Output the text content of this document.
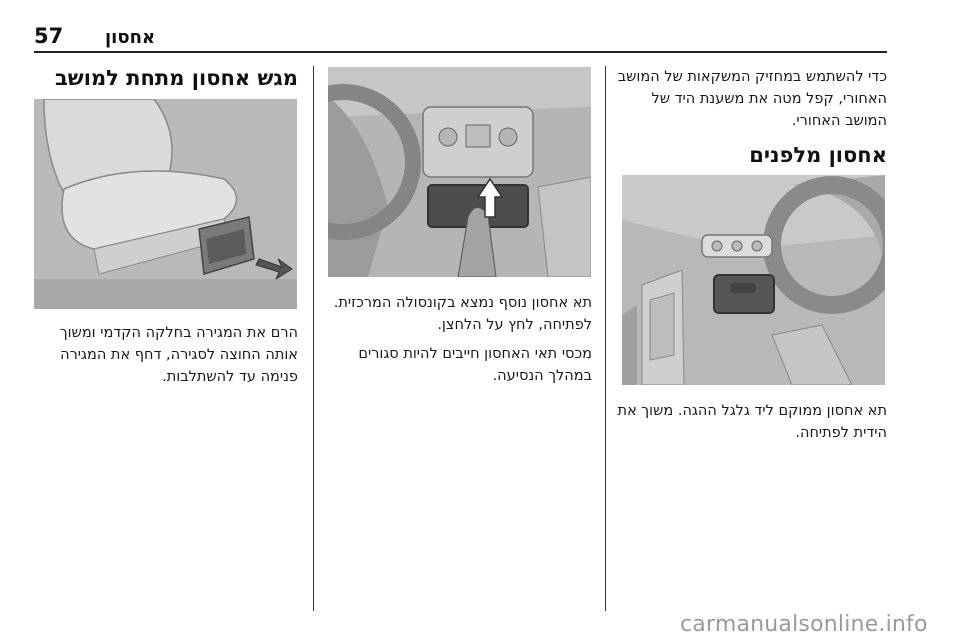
57 אחסון

כדי להשתמש במחזיק המשקאות של המושב האחורי, קפל מטה את משענת היד של המושב האחורי.

אחסון מלפנים

תא אחסון ממוקם ליד גלגל ההגה. משוך את הידית לפתיחה.

תא אחסון נוסף נמצא בקונסולה המרכזית. לפתיחה, לחץ על הלחצן.

מכסי תאי האחסון חייבים להיות סגורים במהלך הנסיעה.

מגש אחסון מתחת למושב

הרם את המגירה בחלקה הקדמי ומשוך אותה החוצה לסגירה, דחף את המגירה פנימה עד להשתלבות.

carmanualsonline.info
